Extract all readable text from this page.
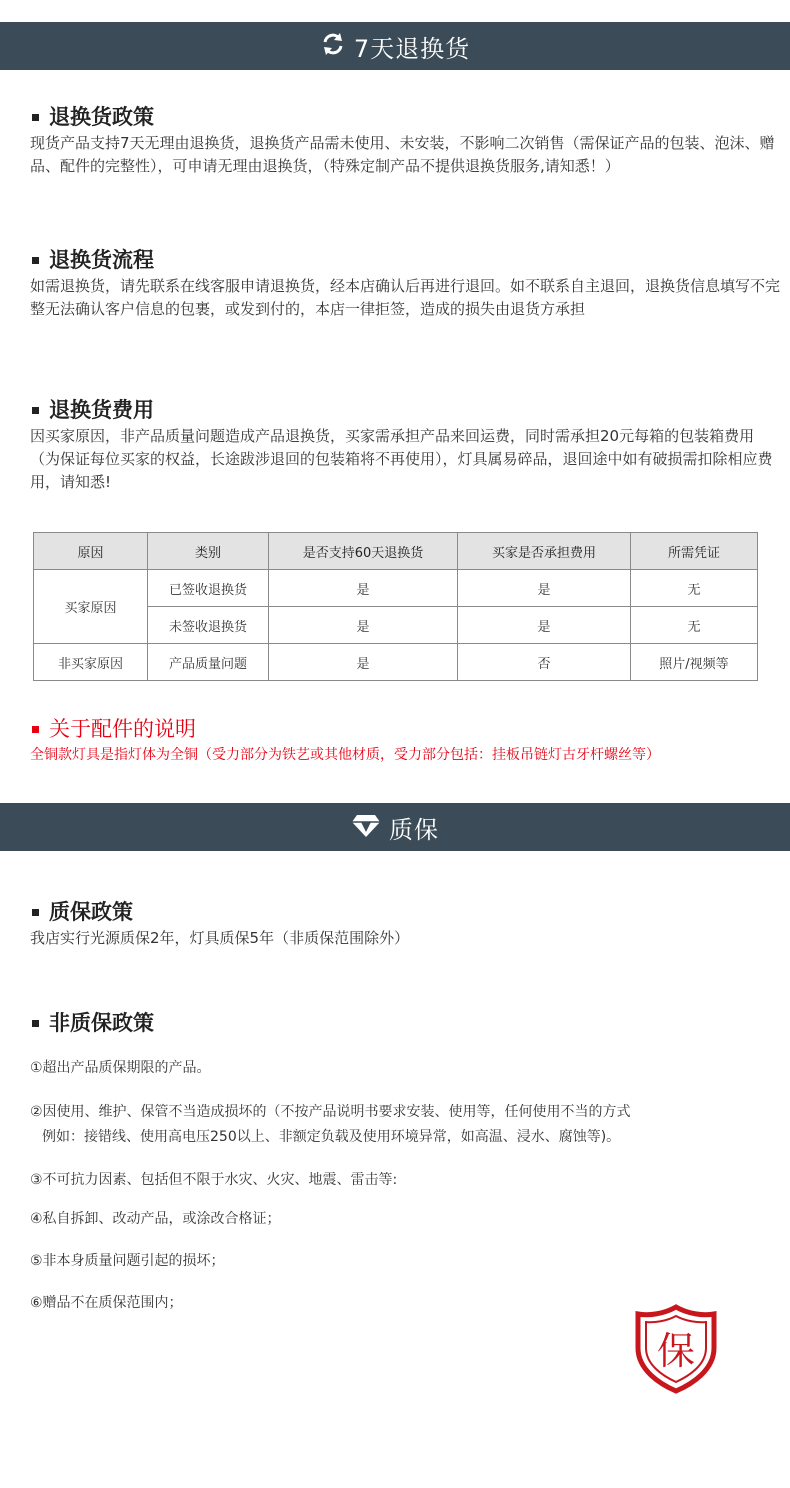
7天退换货
退换货政策
现货产品支持7天无理由退换货，退换货产品需未使用、未安装，不影响二次销售（需保证产品的包装、泡沫、赠品、配件的完整性），可申请无理由退换货，（特殊定制产品不提供退换货服务,请知悉！）
退换货流程
如需退换货，请先联系在线客服申请退换货，经本店确认后再进行退回。如不联系自主退回，退换货信息填写不完整无法确认客户信息的包裹，或发到付的，本店一律拒签，造成的损失由退货方承担
退换货费用
因买家原因，非产品质量问题造成产品退换货，买家需承担产品来回运费，同时需承担20元每箱的包装箱费用（为保证每位买家的权益，长途跋涉退回的包装箱将不再使用），灯具属易碎品，退回途中如有破损需扣除相应费用，请知悉!
原因	类别	是否支持60天退换货	买家是否承担费用	所需凭证
买家原因	已签收退换货	是	是	无
	未签收退换货	是	是	无
非买家原因	产品质量问题	是	否	照片/视频等
关于配件的说明
全铜款灯具是指灯体为全铜（受力部分为铁艺或其他材质，受力部分包括：挂板吊链灯古牙杆螺丝等）
质保
质保政策
我店实行光源质保2年，灯具质保5年（非质保范围除外）
非质保政策
①超出产品质保期限的产品。
②因使用、维护、保管不当造成损坏的（不按产品说明书要求安装、使用等，任何使用不当的方式
例如：接错线、使用高电压250以上、非额定负载及使用环境异常，如高温、浸水、腐蚀等)。
③不可抗力因素、包括但不限于水灾、火灾、地震、雷击等:
④私自拆卸、改动产品，或涂改合格证；
⑤非本身质量问题引起的损坏；
⑥赠品不在质保范围内；
保
